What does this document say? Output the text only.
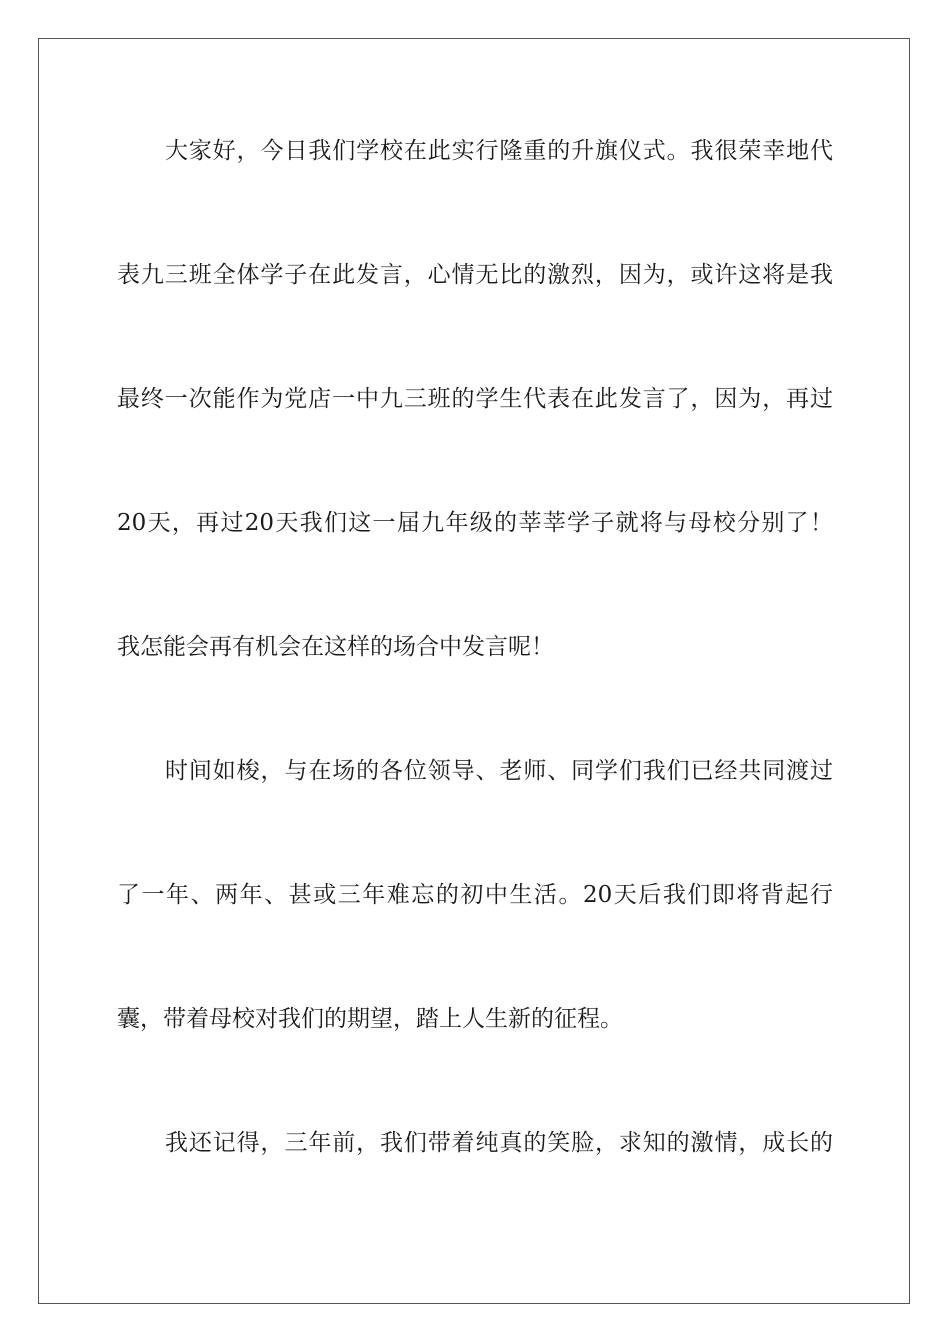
大家好，今日我们学校在此实行隆重的升旗仪式。我很荣幸地代
表九三班全体学子在此发言，心情无比的激烈，因为，或许这将是我
最终一次能作为党店一中九三班的学生代表在此发言了，因为，再过
20天，再过20天我们这一届九年级的莘莘学子就将与母校分别了！
我怎能会再有机会在这样的场合中发言呢！
时间如梭，与在场的各位领导、老师、同学们我们已经共同渡过
了一年、两年、甚或三年难忘的初中生活。20天后我们即将背起行
囊，带着母校对我们的期望，踏上人生新的征程。
我还记得，三年前，我们带着纯真的笑脸，求知的激情，成长的
